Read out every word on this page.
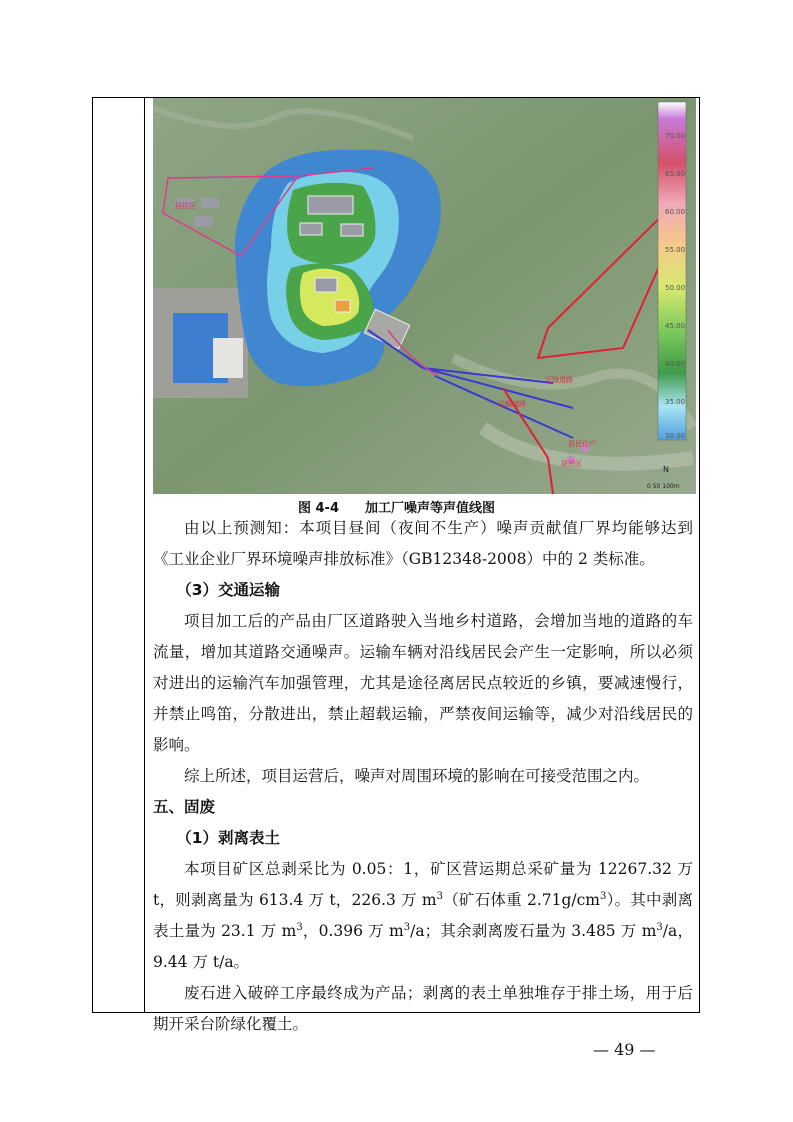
居住区
运输道路
运输道路
居民住户
居民区
70.00
65.00
60.00
55.00
50.00
45.00
40.00
35.00
30.00
N
0 50 100m
图 4-4 加工厂噪声等声值线图

由以上预测知：本项目昼间（夜间不生产）噪声贡献值厂界均能够达到《工业企业厂界环境噪声排放标准》（GB12348-2008）中的 2 类标准。

（3）交通运输

项目加工后的产品由厂区道路驶入当地乡村道路，会增加当地的道路的车流量，增加其道路交通噪声。运输车辆对沿线居民会产生一定影响，所以必须对进出的运输汽车加强管理，尤其是途径离居民点较近的乡镇，要减速慢行，并禁止鸣笛，分散进出，禁止超载运输，严禁夜间运输等，减少对沿线居民的影响。

综上所述，项目运营后，噪声对周围环境的影响在可接受范围之内。

五、固废

（1）剥离表土

本项目矿区总剥采比为 0.05：1，矿区营运期总采矿量为 12267.32 万 t，则剥离量为 613.4 万 t，226.3 万 $m^3$（矿石体重 $2.71g/cm^3$）。其中剥离表土量为 23.1 万 $m^3$，0.396 万 $m^3/a$；其余剥离废石量为 3.485 万 $m^3/a$，9.44 万 t/a。

废石进入破碎工序最终成为产品；剥离的表土单独堆存于排土场，用于后期开采台阶绿化覆土。

— 49 —
